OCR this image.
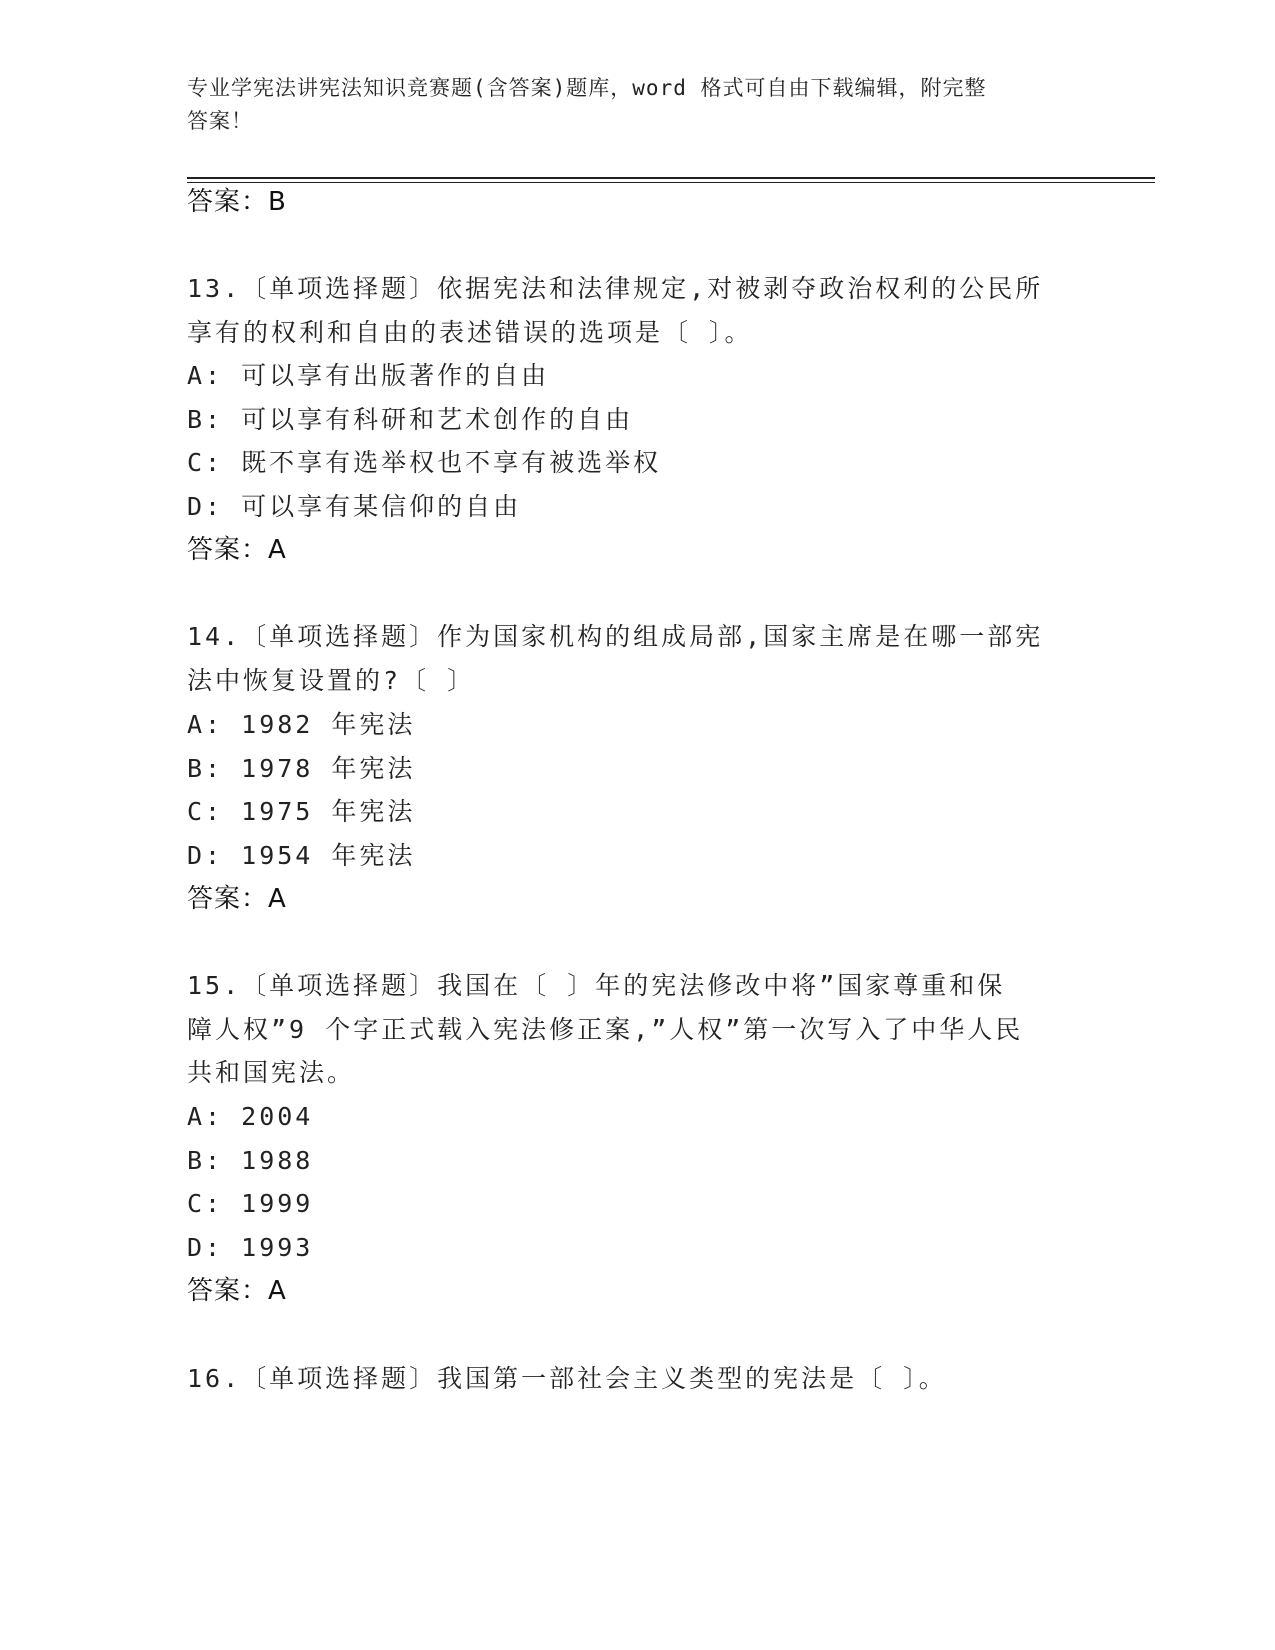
专业学宪法讲宪法知识竞赛题(含答案)题库，word 格式可自由下载编辑，附完整
答案！
答案：B
13.〔单项选择题〕依据宪法和法律规定,对被剥夺政治权利的公民所
享有的权利和自由的表述错误的选项是〔 〕。
A: 可以享有出版著作的自由
B: 可以享有科研和艺术创作的自由
C: 既不享有选举权也不享有被选举权
D: 可以享有某信仰的自由
答案：A
14.〔单项选择题〕作为国家机构的组成局部,国家主席是在哪一部宪
法中恢复设置的?〔 〕
A: 1982 年宪法
B: 1978 年宪法
C: 1975 年宪法
D: 1954 年宪法
答案：A
15.〔单项选择题〕我国在〔 〕年的宪法修改中将”国家尊重和保
障人权”9 个字正式载入宪法修正案,”人权”第一次写入了中华人民
共和国宪法。
A: 2004
B: 1988
C: 1999
D: 1993
答案：A
16.〔单项选择题〕我国第一部社会主义类型的宪法是〔 〕。
